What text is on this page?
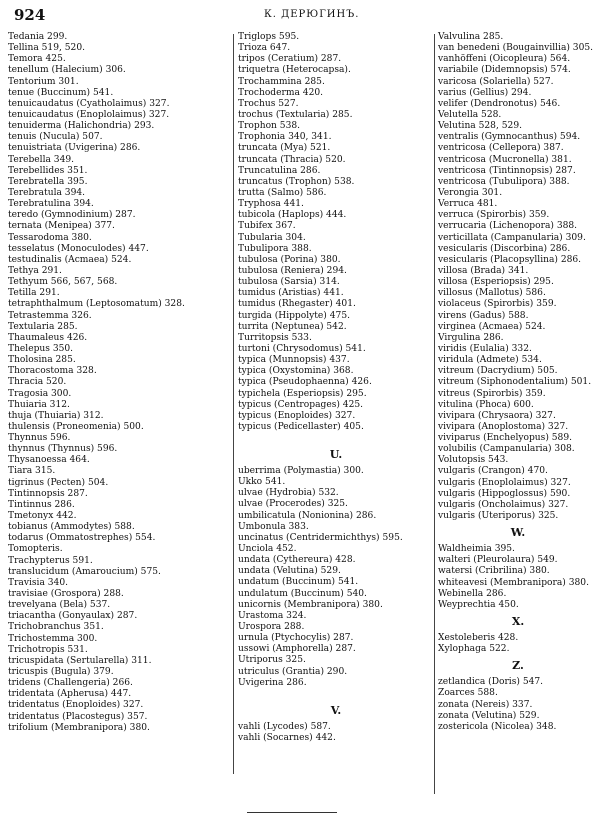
924	К. ДЕРЮГИНЪ.
Tedania 299.
Tellina 519, 520.
Temora 425.
tenellum (Halecium) 306.
Tentorium 301.
tenue (Buccinum) 541.
tenuicaudatus (Cyatholaimus) 327.
tenuicaudatus (Enoplolaimus) 327.
tenuiderma (Halichondria) 293.
tenuis (Nucula) 507.
tenuistriata (Uvigerina) 286.
Terebella 349.
Terebellides 351.
Terebratella 395.
Terebratula 394.
Terebratulina 394.
teredo (Gymnodinium) 287.
ternata (Menipea) 377.
Tessarodoma 380.
tesselatus (Monoculodes) 447.
testudinalis (Acmaea) 524.
Tethya 291.
Tethyum 566, 567, 568.
Tetilla 291.
tetraphthalmum (Leptosomatum) 328.
Tetrastemma 326.
Textularia 285.
Thaumaleus 426.
Thelepus 350.
Tholosina 285.
Thoracostoma 328.
Thracia 520.
Tragosia 300.
Thuiaria 312.
thuja (Thuiaria) 312.
thulensis (Proneomenia) 500.
Thynnus 596.
thynnus (Thynnus) 596.
Thysanoessa 464.
Tiara 315.
tigrinus (Pecten) 504.
Tintinnopsis 287.
Tintinnus 286.
Tmetonyx 442.
tobianus (Ammodytes) 588.
todarus (Ommatostrephes) 554.
Tomopteris.
Trachypterus 591.
translucidum (Amaroucium) 575.
Travisia 340.
travisiae (Grospora) 288.
trevelyana (Bela) 537.
triacantha (Gonyaulax) 287.
Trichobranchus 351.
Trichostemma 300.
Trichotropis 531.
tricuspidata (Sertularella) 311.
tricuspis (Bugula) 379.
tridens (Challengeria) 266.
tridentata (Apherusa) 447.
tridentatus (Enoploides) 327.
tridentatus (Placostegus) 357.
trifolium (Membranipora) 380.
Triglops 595.
Trioza 647.
tripos (Ceratium) 287.
triquetra (Heterocapsa).
Trochammina 285.
Trochoderma 420.
Trochus 527.
trochus (Textularia) 285.
Trophon 538.
Trophonia 340, 341.
truncata (Mya) 521.
truncata (Thracia) 520.
Truncatulina 286.
truncatus (Trophon) 538.
trutta (Salmo) 586.
Tryphosa 441.
tubicola (Haplops) 444.
Tubifex 367.
Tubularia 304.
Tubulipora 388.
tubulosa (Porina) 380.
tubulosa (Reniera) 294.
tubulosa (Sarsia) 314.
tumidus (Aristias) 441.
tumidus (Rhegaster) 401.
turgida (Hippolyte) 475.
turrita (Neptunea) 542.
Turritopsis 533.
turtoni (Chrysodomus) 541.
typica (Munnopsis) 437.
typica (Oxystomina) 368.
typica (Pseudophaenna) 426.
typichela (Esperiopsis) 295.
typicus (Centropages) 425.
typicus (Enoploides) 327.
typicus (Pedicellaster) 405.
U.
uberrima (Polymastia) 300.
Ukko 541.
ulvae (Hydrobia) 532.
ulvae (Procerodes) 325.
umbilicatula (Nonionina) 286.
Umbonula 383.
uncinatus (Centridermichthys) 595.
Unciola 452.
undata (Cythereura) 428.
undata (Velutina) 529.
undatum (Buccinum) 541.
undulatum (Buccinum) 540.
unicornis (Membranipora) 380.
Urastoma 324.
Urospora 288.
urnula (Ptychocylis) 287.
ussowi (Amphorella) 287.
Utriporus 325.
utriculus (Grantia) 290.
Uvigerina 286.
V.
vahli (Lycodes) 587.
vahli (Socarnes) 442.
Valvulina 285.
van benedeni (Bougainvillia) 305.
vanhöffeni (Oicopleura) 564.
variabile (Didemnopsis) 574.
varicosa (Solariella) 527.
varius (Gellius) 294.
velifer (Dendronotus) 546.
Velutella 528.
Velutina 528, 529.
ventralis (Gymnocanthus) 594.
ventricosa (Cellepora) 387.
ventricosa (Mucronella) 381.
ventricosa (Tintinnopsis) 287.
ventricosa (Tubulipora) 388.
Verongia 301.
Verruca 481.
verruca (Spirorbis) 359.
verrucaria (Lichenopora) 388.
verticillata (Campanularia) 309.
vesicularis (Discorbina) 286.
vesicularis (Placopsyllina) 286.
villosa (Brada) 341.
villosa (Esperiopsis) 295.
villosus (Mallotus) 586.
violaceus (Spirorbis) 359.
virens (Gadus) 588.
virginea (Acmaea) 524.
Virgulina 286.
viridis (Eulalia) 332.
viridula (Admete) 534.
vitreum (Dacrydium) 505.
vitreum (Siphonodentalium) 501.
vitreus (Spirorbis) 359.
vitulina (Phoca) 600.
vivipara (Chrysaora) 327.
vivipara (Anoplostoma) 327.
viviparus (Enchelyopus) 589.
volubilis (Campanularia) 308.
Volutopsis 543.
vulgaris (Crangon) 470.
vulgaris (Enoplolaimus) 327.
vulgaris (Hippoglossus) 590.
vulgaris (Oncholaimus) 327.
vulgaris (Uteriporus) 325.
W.
Waldheimia 395.
walteri (Pleurolaura) 549.
watersi (Cribrilina) 380.
whiteavesi (Membranipora) 380.
Webinella 286.
Weyprechtia 450.
X.
Xestoleberis 428.
Xylophaga 522.
Z.
zetlandica (Doris) 547.
Zoarces 588.
zonata (Nereis) 337.
zonata (Velutina) 529.
zostericola (Nicolea) 348.
